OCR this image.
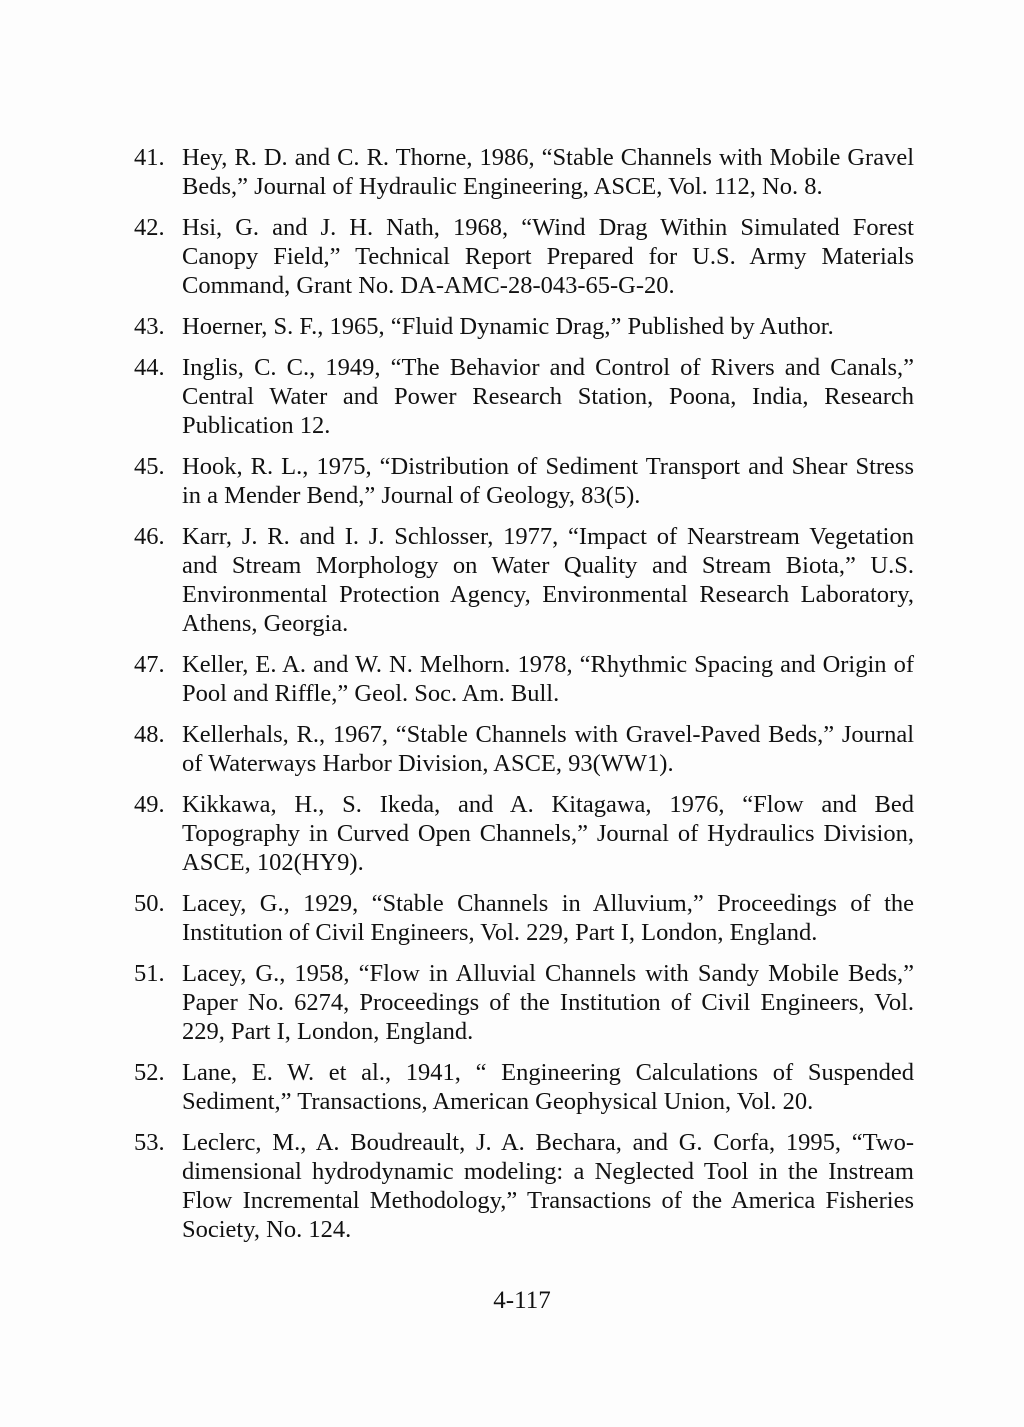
41. Hey, R. D. and C. R. Thorne, 1986, “Stable Channels with Mobile Gravel Beds,” Journal of Hydraulic Engineering, ASCE, Vol. 112, No. 8.
42. Hsi, G. and J. H. Nath, 1968, “Wind Drag Within Simulated Forest Canopy Field,” Technical Report Prepared for U.S. Army Materials Command, Grant No. DA-AMC-28-043-65-G-20.
43. Hoerner, S. F., 1965, “Fluid Dynamic Drag,” Published by Author.
44. Inglis, C. C., 1949, “The Behavior and Control of Rivers and Canals,” Central Water and Power Research Station, Poona, India, Research Publication 12.
45. Hook, R. L., 1975, “Distribution of Sediment Transport and Shear Stress in a Mender Bend,” Journal of Geology, 83(5).
46. Karr, J. R. and I. J. Schlosser, 1977, “Impact of Nearstream Vegetation and Stream Morphology on Water Quality and Stream Biota,” U.S. Environmental Protection Agency, Environmental Research Laboratory, Athens, Georgia.
47. Keller, E. A. and W. N. Melhorn. 1978, “Rhythmic Spacing and Origin of Pool and Riffle,” Geol. Soc. Am. Bull.
48. Kellerhals, R., 1967, “Stable Channels with Gravel-Paved Beds,” Journal of Waterways Harbor Division, ASCE, 93(WW1).
49. Kikkawa, H., S. Ikeda, and A. Kitagawa, 1976, “Flow and Bed Topography in Curved Open Channels,” Journal of Hydraulics Division, ASCE, 102(HY9).
50. Lacey, G., 1929, “Stable Channels in Alluvium,” Proceedings of the Institution of Civil Engineers, Vol. 229, Part I, London, England.
51. Lacey, G., 1958, “Flow in Alluvial Channels with Sandy Mobile Beds,” Paper No. 6274, Proceedings of the Institution of Civil Engineers, Vol. 229, Part I, London, England.
52. Lane, E. W. et al., 1941, “ Engineering Calculations of Suspended Sediment,” Transactions, American Geophysical Union, Vol. 20.
53. Leclerc, M., A. Boudreault, J. A. Bechara, and G. Corfa, 1995, “Two-dimensional hydrodynamic modeling: a Neglected Tool in the Instream Flow Incremental Methodology,” Transactions of the America Fisheries Society, No. 124.
4-117
